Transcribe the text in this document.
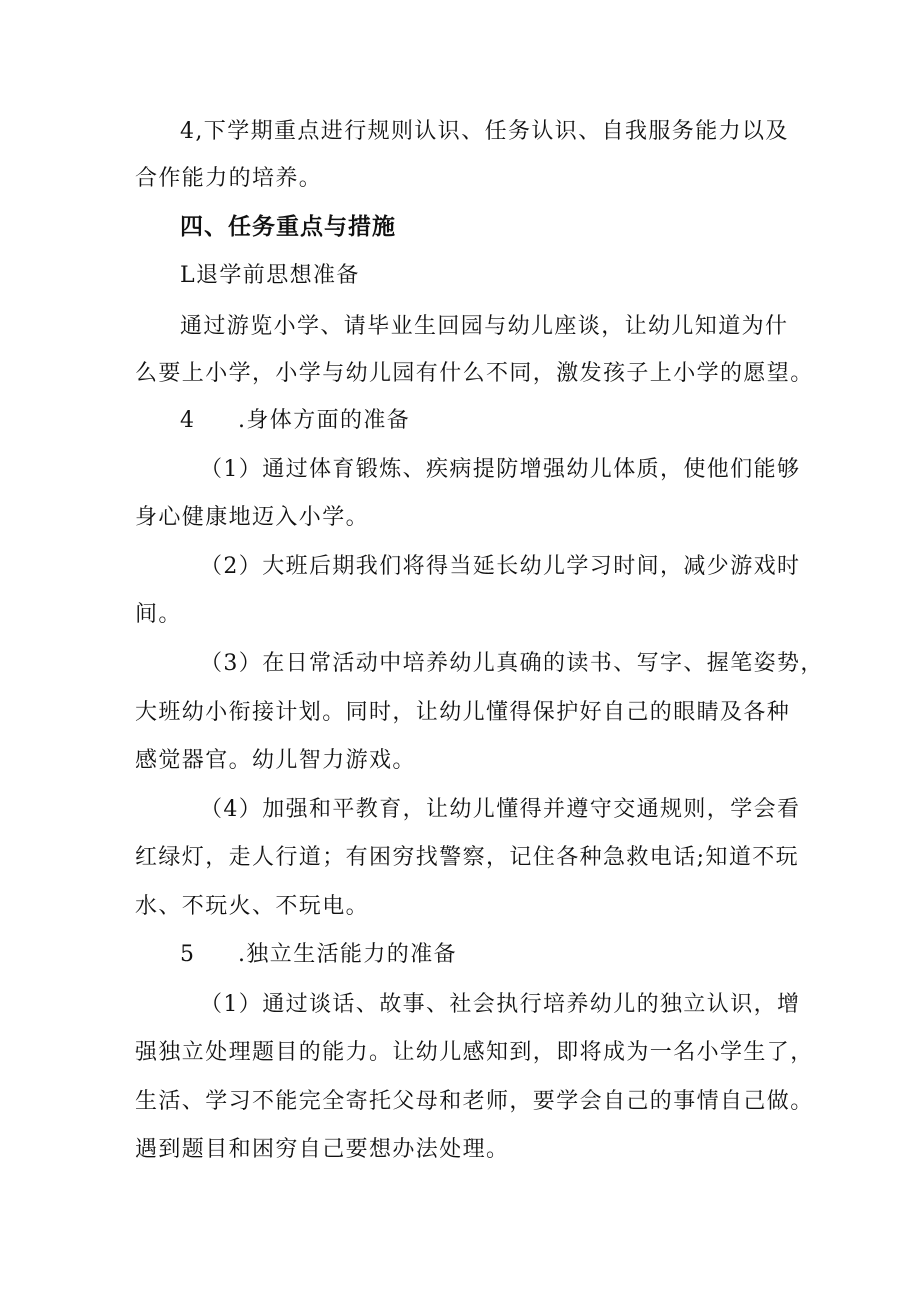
4,下学期重点进行规则认识、任务认识、自我服务能力以及
合作能力的培养。
四、任务重点与措施
L退学前思想准备
通过游览小学、请毕业生回园与幼儿座谈，让幼儿知道为什
么要上小学，小学与幼儿园有什么不同，激发孩子上小学的愿望。
4 .身体方面的准备
（1）通过体育锻炼、疾病提防增强幼儿体质，使他们能够
身心健康地迈入小学。
（2）大班后期我们将得当延长幼儿学习时间，减少游戏时
间。
（3）在日常活动中培养幼儿真确的读书、写字、握笔姿势，
大班幼小衔接计划。同时，让幼儿懂得保护好自己的眼睛及各种
感觉器官。幼儿智力游戏。
（4）加强和平教育，让幼儿懂得并遵守交通规则，学会看
红绿灯，走人行道；有困穷找警察，记住各种急救电话;知道不玩
水、不玩火、不玩电。
5 .独立生活能力的准备
（1）通过谈话、故事、社会执行培养幼儿的独立认识，增
强独立处理题目的能力。让幼儿感知到，即将成为一名小学生了，
生活、学习不能完全寄托父母和老师，要学会自己的事情自己做。
遇到题目和困穷自己要想办法处理。
